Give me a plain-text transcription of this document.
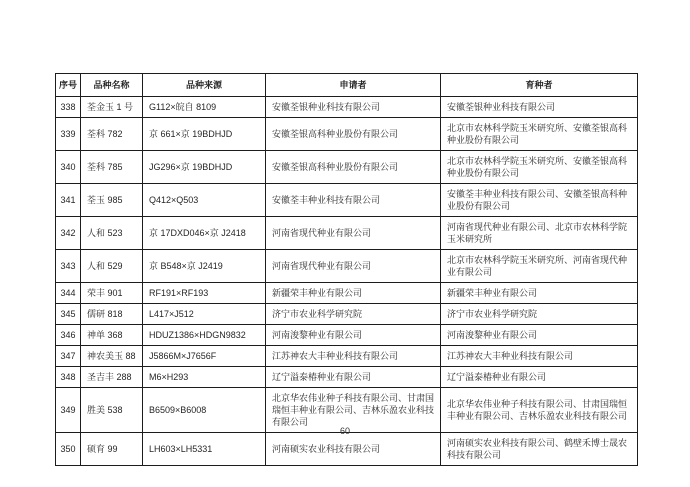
序号	品种名称	品种来源	申请者	育种者
338	荃金玉 1 号	G112×皖自 8109	安徽荃银种业科技有限公司	安徽荃银种业科技有限公司
339	荃科 782	京 661×京 19BDHJD	安徽荃银高科种业股份有限公司	北京市农林科学院玉米研究所、安徽荃银高科种业股份有限公司
340	荃科 785	JG296×京 19BDHJD	安徽荃银高科种业股份有限公司	北京市农林科学院玉米研究所、安徽荃银高科种业股份有限公司
341	荃玉 985	Q412×Q503	安徽荃丰种业科技有限公司	安徽荃丰种业科技有限公司、安徽荃银高科种业股份有限公司
342	人和 523	京 17DXD046×京 J2418	河南省现代种业有限公司	河南省现代种业有限公司、北京市农林科学院玉米研究所
343	人和 529	京 B548×京 J2419	河南省现代种业有限公司	北京市农林科学院玉米研究所、河南省现代种业有限公司
344	荣丰 901	RF191×RF193	新疆荣丰种业有限公司	新疆荣丰种业有限公司
345	儒研 818	L417×J512	济宁市农业科学研究院	济宁市农业科学研究院
346	神单 368	HDUZ1386×HDGN9832	河南浚黎种业有限公司	河南浚黎种业有限公司
347	神农美玉 88	J5866M×J7656F	江苏神农大丰种业科技有限公司	江苏神农大丰种业科技有限公司
348	圣吉丰 288	M6×H293	辽宁溢泰椿种业有限公司	辽宁溢泰椿种业有限公司
349	胜美 538	B6509×B6008	北京华农伟业种子科技有限公司、甘肃国瑞恒丰种业有限公司、吉林乐盈农业科技有限公司	北京华农伟业种子科技有限公司、甘肃国瑞恒丰种业有限公司、吉林乐盈农业科技有限公司
350	硕育 99	LH603×LH5331	河南硕实农业科技有限公司	河南硕实农业科技有限公司、鹤壁禾博士晟农科技有限公司
60
